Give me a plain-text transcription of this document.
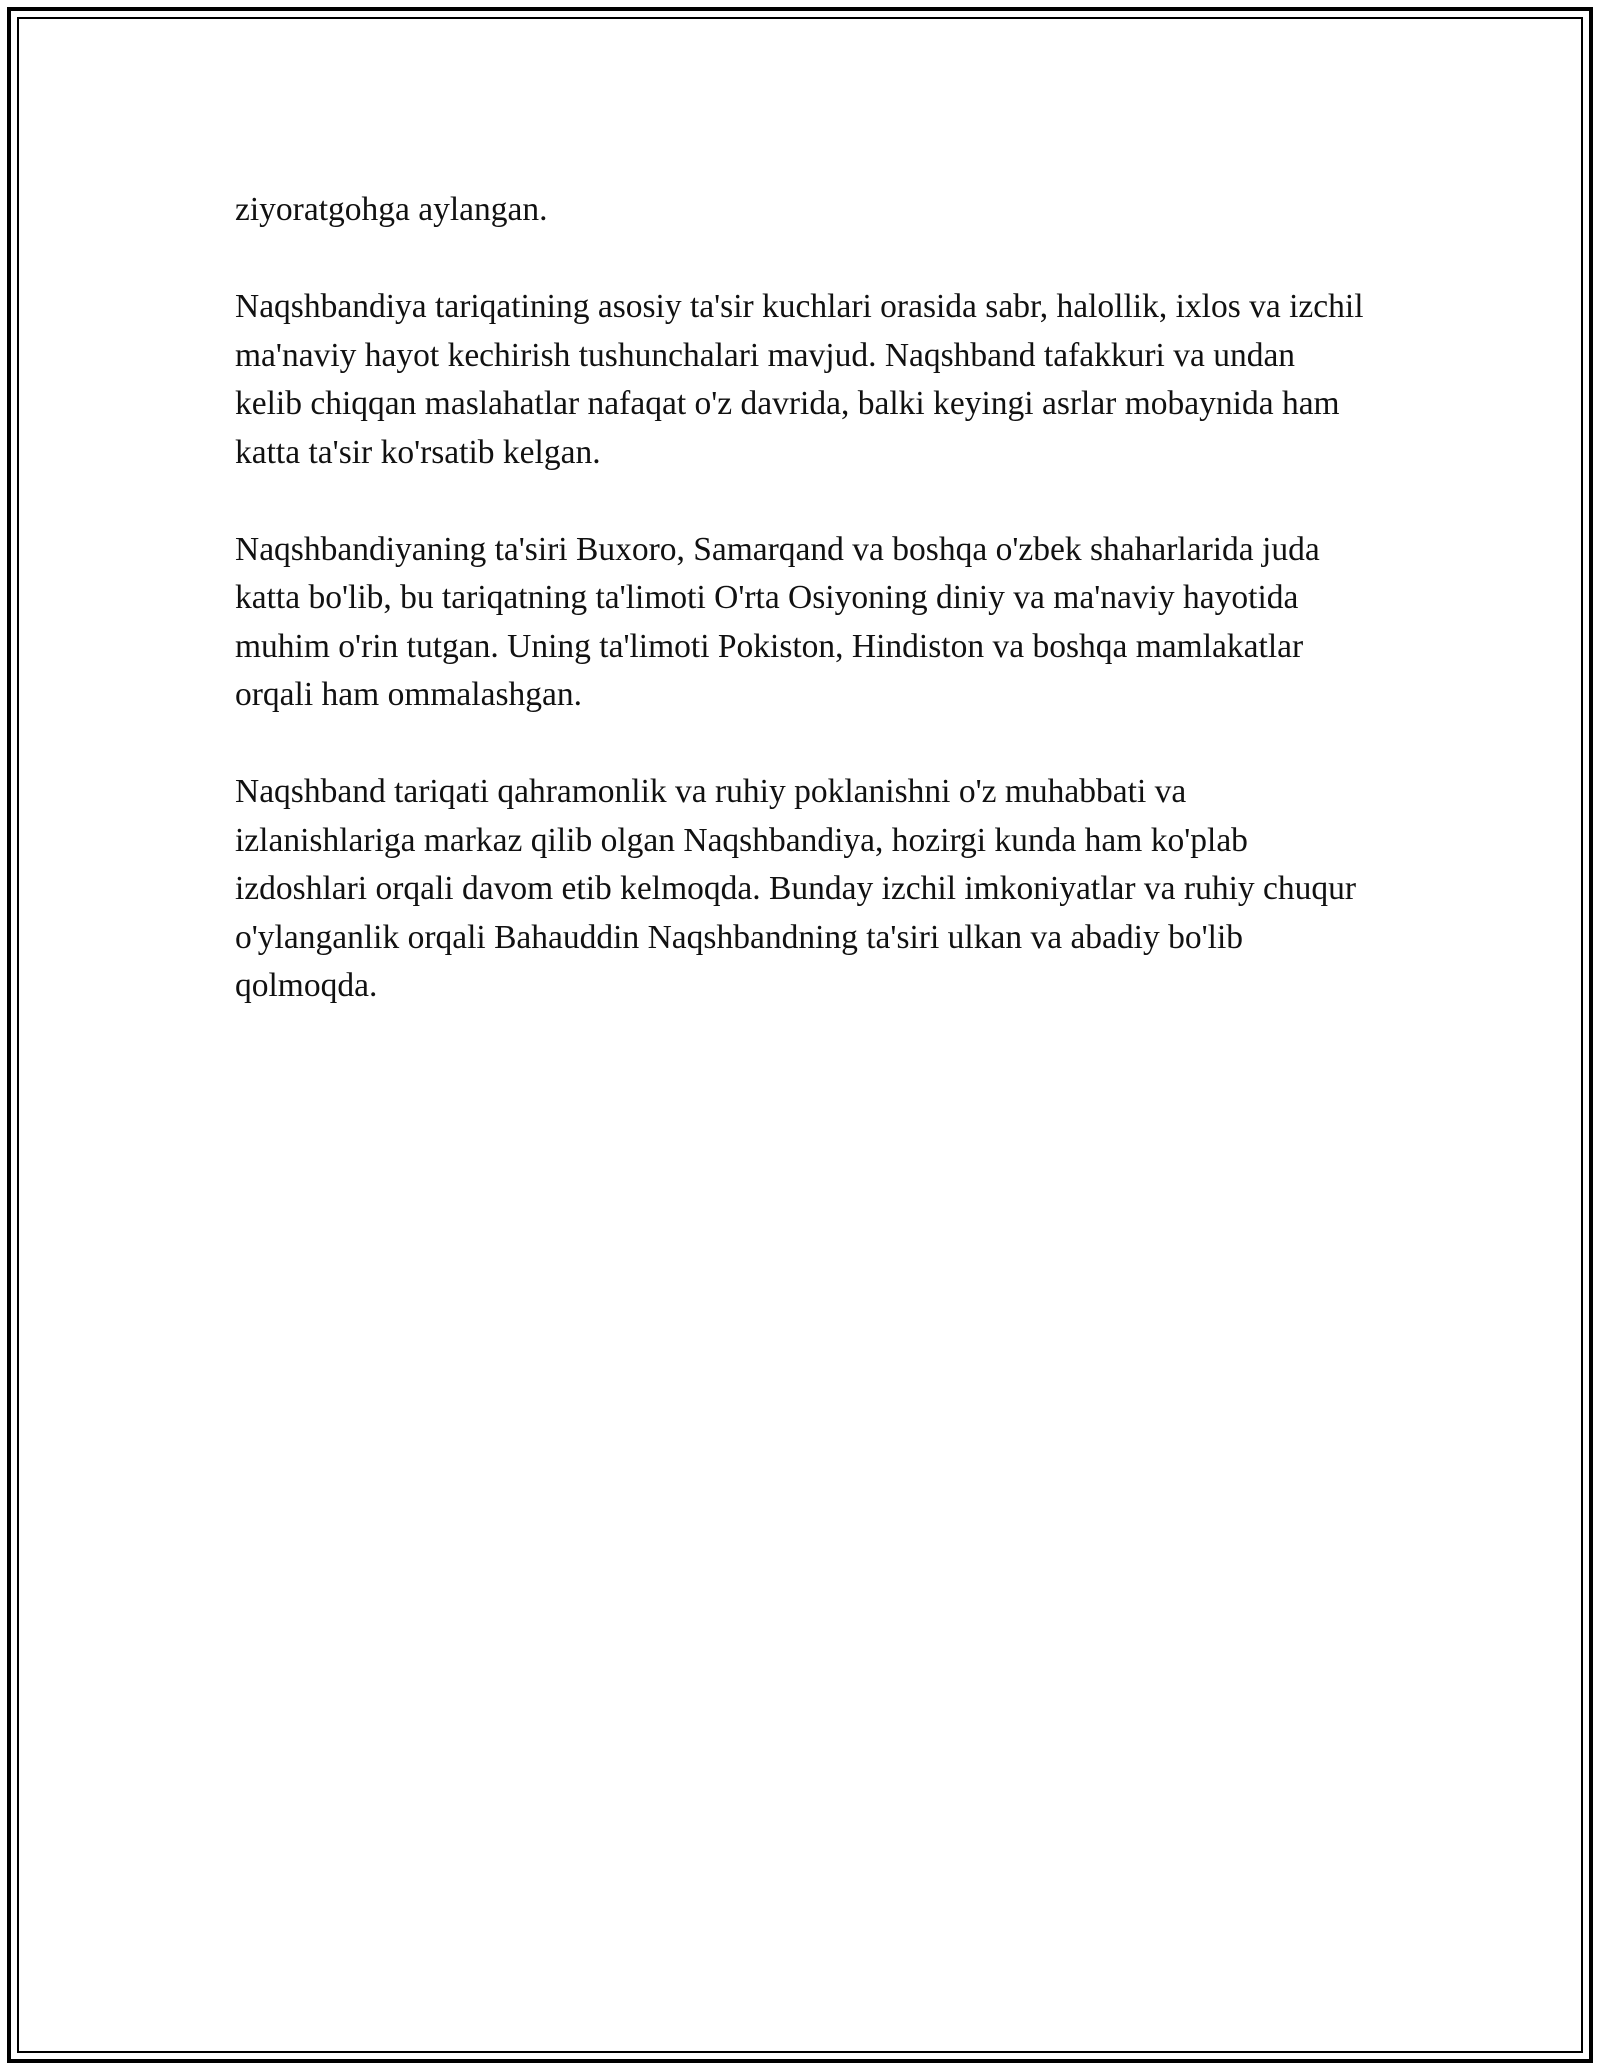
ziyoratgohga aylangan.

Naqshbandiya tariqatining asosiy ta'sir kuchlari orasida sabr, halollik, ixlos va izchil ma'naviy hayot kechirish tushunchalari mavjud. Naqshband tafakkuri va undan kelib chiqqan maslahatlar nafaqat o'z davrida, balki keyingi asrlar mobaynida ham katta ta'sir ko'rsatib kelgan.

Naqshbandiyaning ta'siri Buxoro, Samarqand va boshqa o'zbek shaharlarida juda katta bo'lib, bu tariqatning ta'limoti O'rta Osiyoning diniy va ma'naviy hayotida muhim o'rin tutgan. Uning ta'limoti Pokiston, Hindiston va boshqa mamlakatlar orqali ham ommalashgan.

Naqshband tariqati qahramonlik va ruhiy poklanishni o'z muhabbati va izlanishlariga markaz qilib olgan Naqshbandiya, hozirgi kunda ham ko'plab izdoshlari orqali davom etib kelmoqda. Bunday izchil imkoniyatlar va ruhiy chuqur o'ylanganlik orqali Bahauddin Naqshbandning ta'siri ulkan va abadiy bo'lib qolmoqda.
